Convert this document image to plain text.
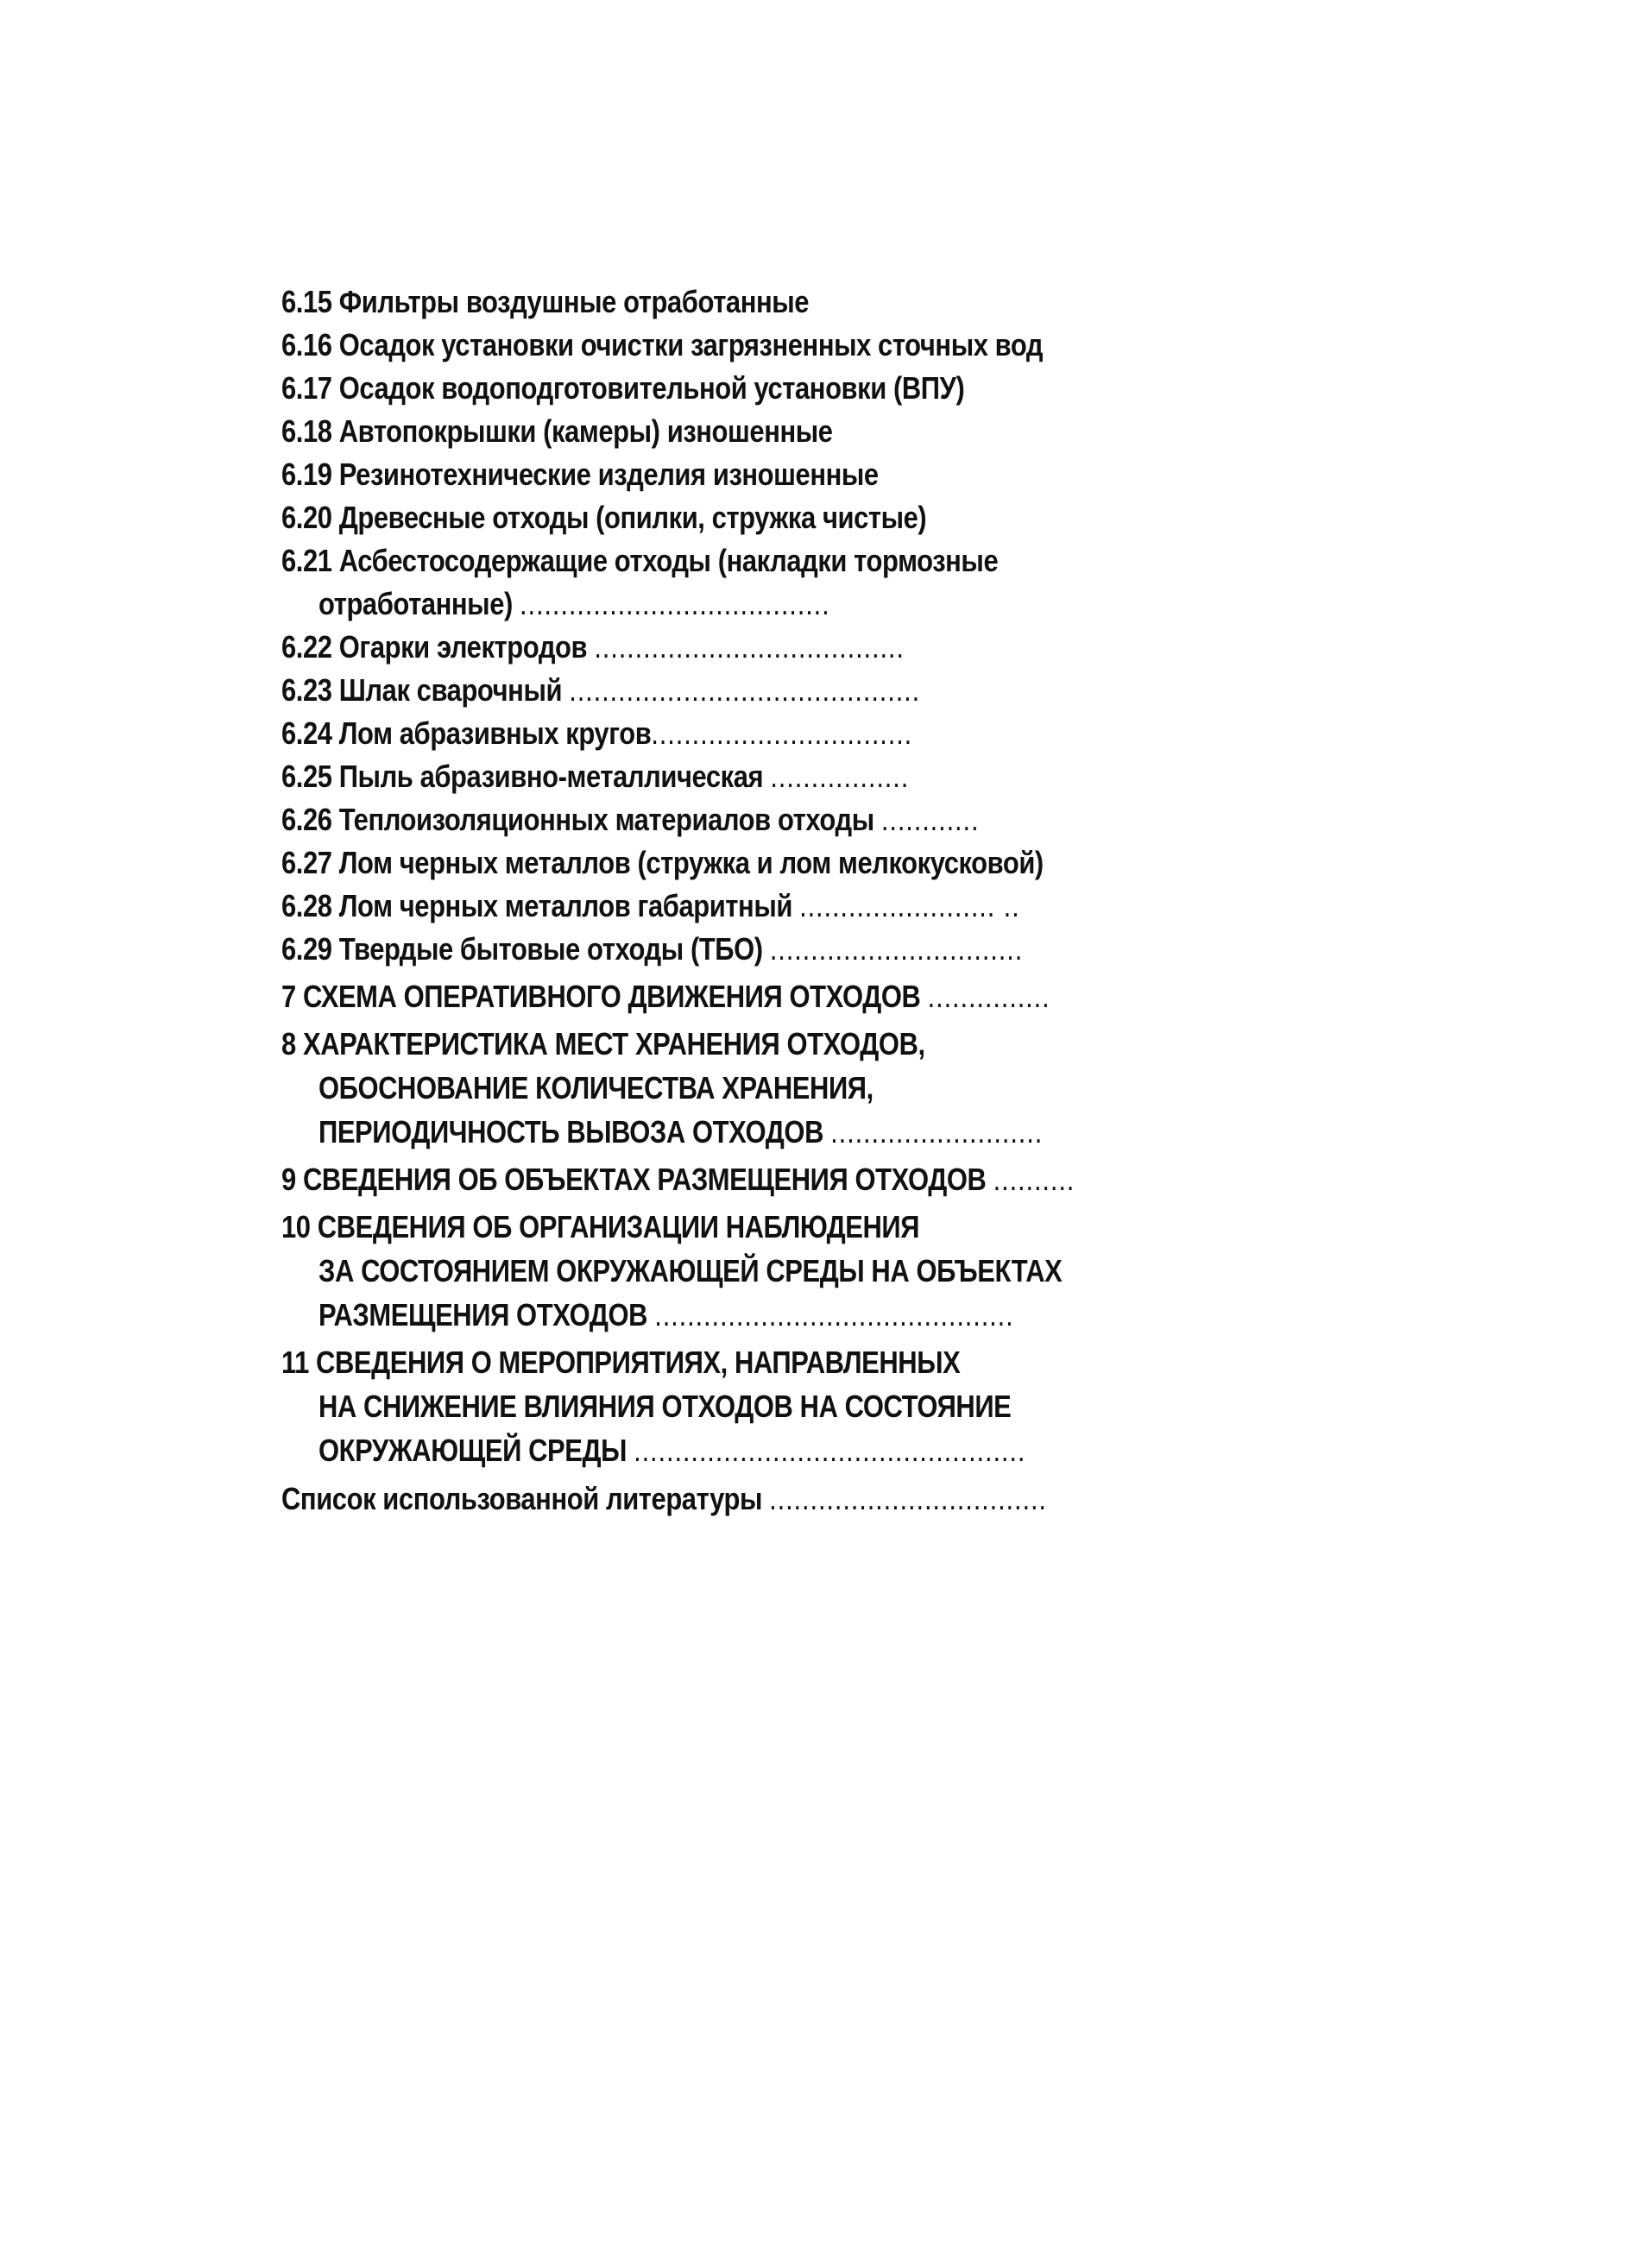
6.15 Фильтры воздушные отработанные
6.16 Осадок установки очистки загрязненных сточных вод
6.17 Осадок водоподготовительной установки (ВПУ)
6.18 Автопокрышки (камеры) изношенные
6.19 Резинотехнические изделия изношенные
6.20 Древесные отходы (опилки, стружка чистые)
6.21 Асбестосодержащие отходы (накладки тормозные
отработанные) ......................................
6.22 Огарки электродов ......................................
6.23 Шлак сварочный ...........................................
6.24 Лом абразивных кругов................................
6.25 Пыль абразивно-металлическая .................
6.26 Теплоизоляционных материалов отходы ............
6.27 Лом черных металлов (стружка и лом мелкокусковой)
6.28 Лом черных металлов габаритный ........................ ..
6.29 Твердые бытовые отходы (ТБО) ...............................
7 СХЕМА ОПЕРАТИВНОГО ДВИЖЕНИЯ ОТХОДОВ ...............
8 ХАРАКТЕРИСТИКА МЕСТ ХРАНЕНИЯ ОТХОДОВ,
ОБОСНОВАНИЕ КОЛИЧЕСТВА ХРАНЕНИЯ,
ПЕРИОДИЧНОСТЬ ВЫВОЗА ОТХОДОВ ..........................
9 СВЕДЕНИЯ ОБ ОБЪЕКТАХ РАЗМЕЩЕНИЯ ОТХОДОВ ..........
10 СВЕДЕНИЯ ОБ ОРГАНИЗАЦИИ НАБЛЮДЕНИЯ
ЗА СОСТОЯНИЕМ ОКРУЖАЮЩЕЙ СРЕДЫ НА ОБЪЕКТАХ
РАЗМЕЩЕНИЯ ОТХОДОВ ............................................
11 СВЕДЕНИЯ О МЕРОПРИЯТИЯХ, НАПРАВЛЕННЫХ
НА СНИЖЕНИЕ ВЛИЯНИЯ ОТХОДОВ НА СОСТОЯНИЕ
ОКРУЖАЮЩЕЙ СРЕДЫ ................................................
Список использованной литературы ..................................
